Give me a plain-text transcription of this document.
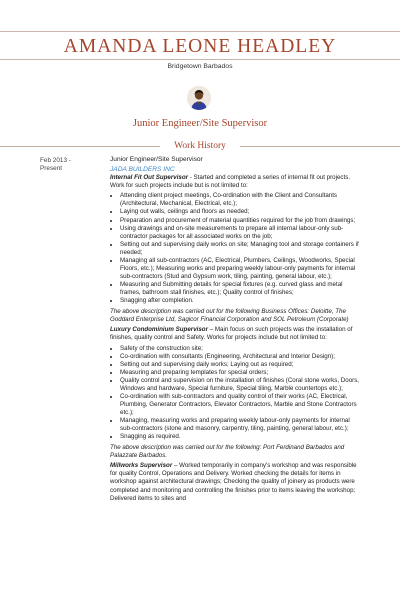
AMANDA LEONE HEADLEY
Bridgetown Barbados
Junior Engineer/Site Supervisor
Work History
Feb 2013 -
Present

Junior Engineer/Site Supervisor

JADA BUILDERS INC

Internal Fit Out Supervisor - Started and completed a series of internal fit out projects. Work for such projects include but is not limited to:

• Attending client project meetings, Co-ordination with the Client and Consultants (Architectural, Mechanical, Electrical, etc.);
• Laying out walls, ceilings and floors as needed;
• Preparation and procurement of material quantities required for the job from drawings;
• Using drawings and on-site measurements to prepare all internal labour-only sub-contractor packages for all associated works on the job;
• Setting out and supervising daily works on site; Managing tool and storage containers if needed;
• Managing all sub-contractors (AC, Electrical, Plumbers, Ceilings, Woodworks, Special Floors, etc.); Measuring works and preparing weekly labour-only payments for internal sub-contractors (Stud and Gypsum work, tiling, painting, general labour, etc.);
• Measuring and Submitting details for special fixtures (e.g. curved glass and metal frames, bathroom stall finishes, etc.); Quality control of finishes;
• Snagging after completion.

The above description was carried out for the following Business Offices: Deloitte, The Goddard Enterprise Ltd, Sagicor Financial Corporation and SOL Petroleum (Corporate)

Luxury Condominium Supervisor – Main focus on such projects was the installation of finishes, quality control and Safety. Works for projects include but not limited to:

• Safety of the construction site;
• Co-ordination with consultants (Engineering, Architectural and Interior Design);
• Setting out and supervising daily works; Laying out as required;
• Measuring and preparing templates for special orders;
• Quality control and supervision on the installation of finishes (Coral stone works, Doors, Windows and hardware, Special furniture, Special tiling, Marble countertops etc.);
• Co-ordination with sub-contractors and quality control of their works (AC, Electrical, Plumbing, Generator Contractors, Elevator Contractors, Marble and Stone Contractors etc.);
• Managing, measuring works and preparing weekly labour-only payments for internal sub-contractors (stone and masonry, carpentry, tiling, painting, general labour, etc.);
• Snagging as required.

The above description was carried out for the following: Port Ferdinand Barbados and Palazzate Barbados.

Millworks Supervisor – Worked temporarily in company's workshop and was responsible for quality Control, Operations and Delivery. Worked checking the details for items in workshop against architectural drawings; Checking the quality of joinery as products were completed and monitoring and controlling the finishes prior to items leaving the workshop; Delivered items to sites and
